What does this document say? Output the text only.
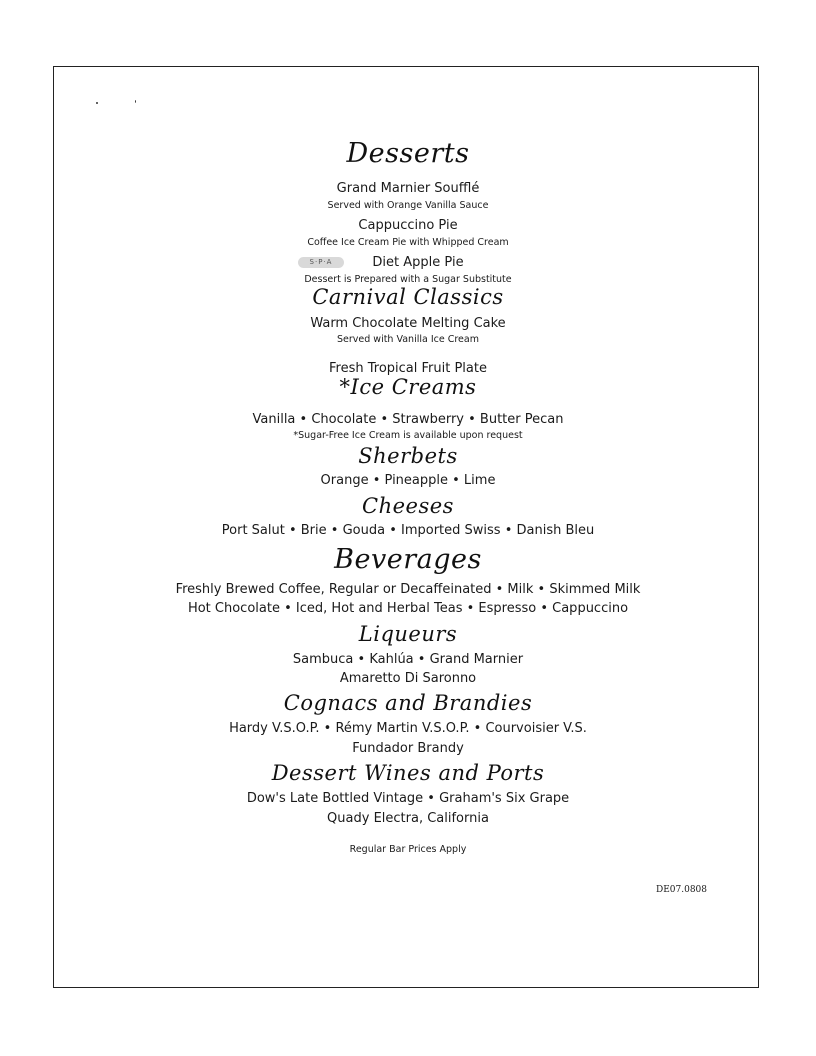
Desserts
Grand Marnier Soufflé
Served with Orange Vanilla Sauce
Cappuccino Pie
Coffee Ice Cream Pie with Whipped Cream
S·P·A	Diet Apple Pie
Dessert is Prepared with a Sugar Substitute
Carnival Classics
Warm Chocolate Melting Cake
Served with Vanilla Ice Cream
Fresh Tropical Fruit Plate
*Ice Creams
Vanilla • Chocolate • Strawberry • Butter Pecan
*Sugar-Free Ice Cream is available upon request
Sherbets
Orange • Pineapple • Lime
Cheeses
Port Salut • Brie • Gouda • Imported Swiss • Danish Bleu
Beverages
Freshly Brewed Coffee, Regular or Decaffeinated • Milk • Skimmed Milk
Hot Chocolate • Iced, Hot and Herbal Teas • Espresso • Cappuccino
Liqueurs
Sambuca • Kahlúa • Grand Marnier
Amaretto Di Saronno
Cognacs and Brandies
Hardy V.S.O.P. • Rémy Martin V.S.O.P. • Courvoisier V.S.
Fundador Brandy
Dessert Wines and Ports
Dow's Late Bottled Vintage • Graham's Six Grape
Quady Electra, California
Regular Bar Prices Apply
DE07.0808
